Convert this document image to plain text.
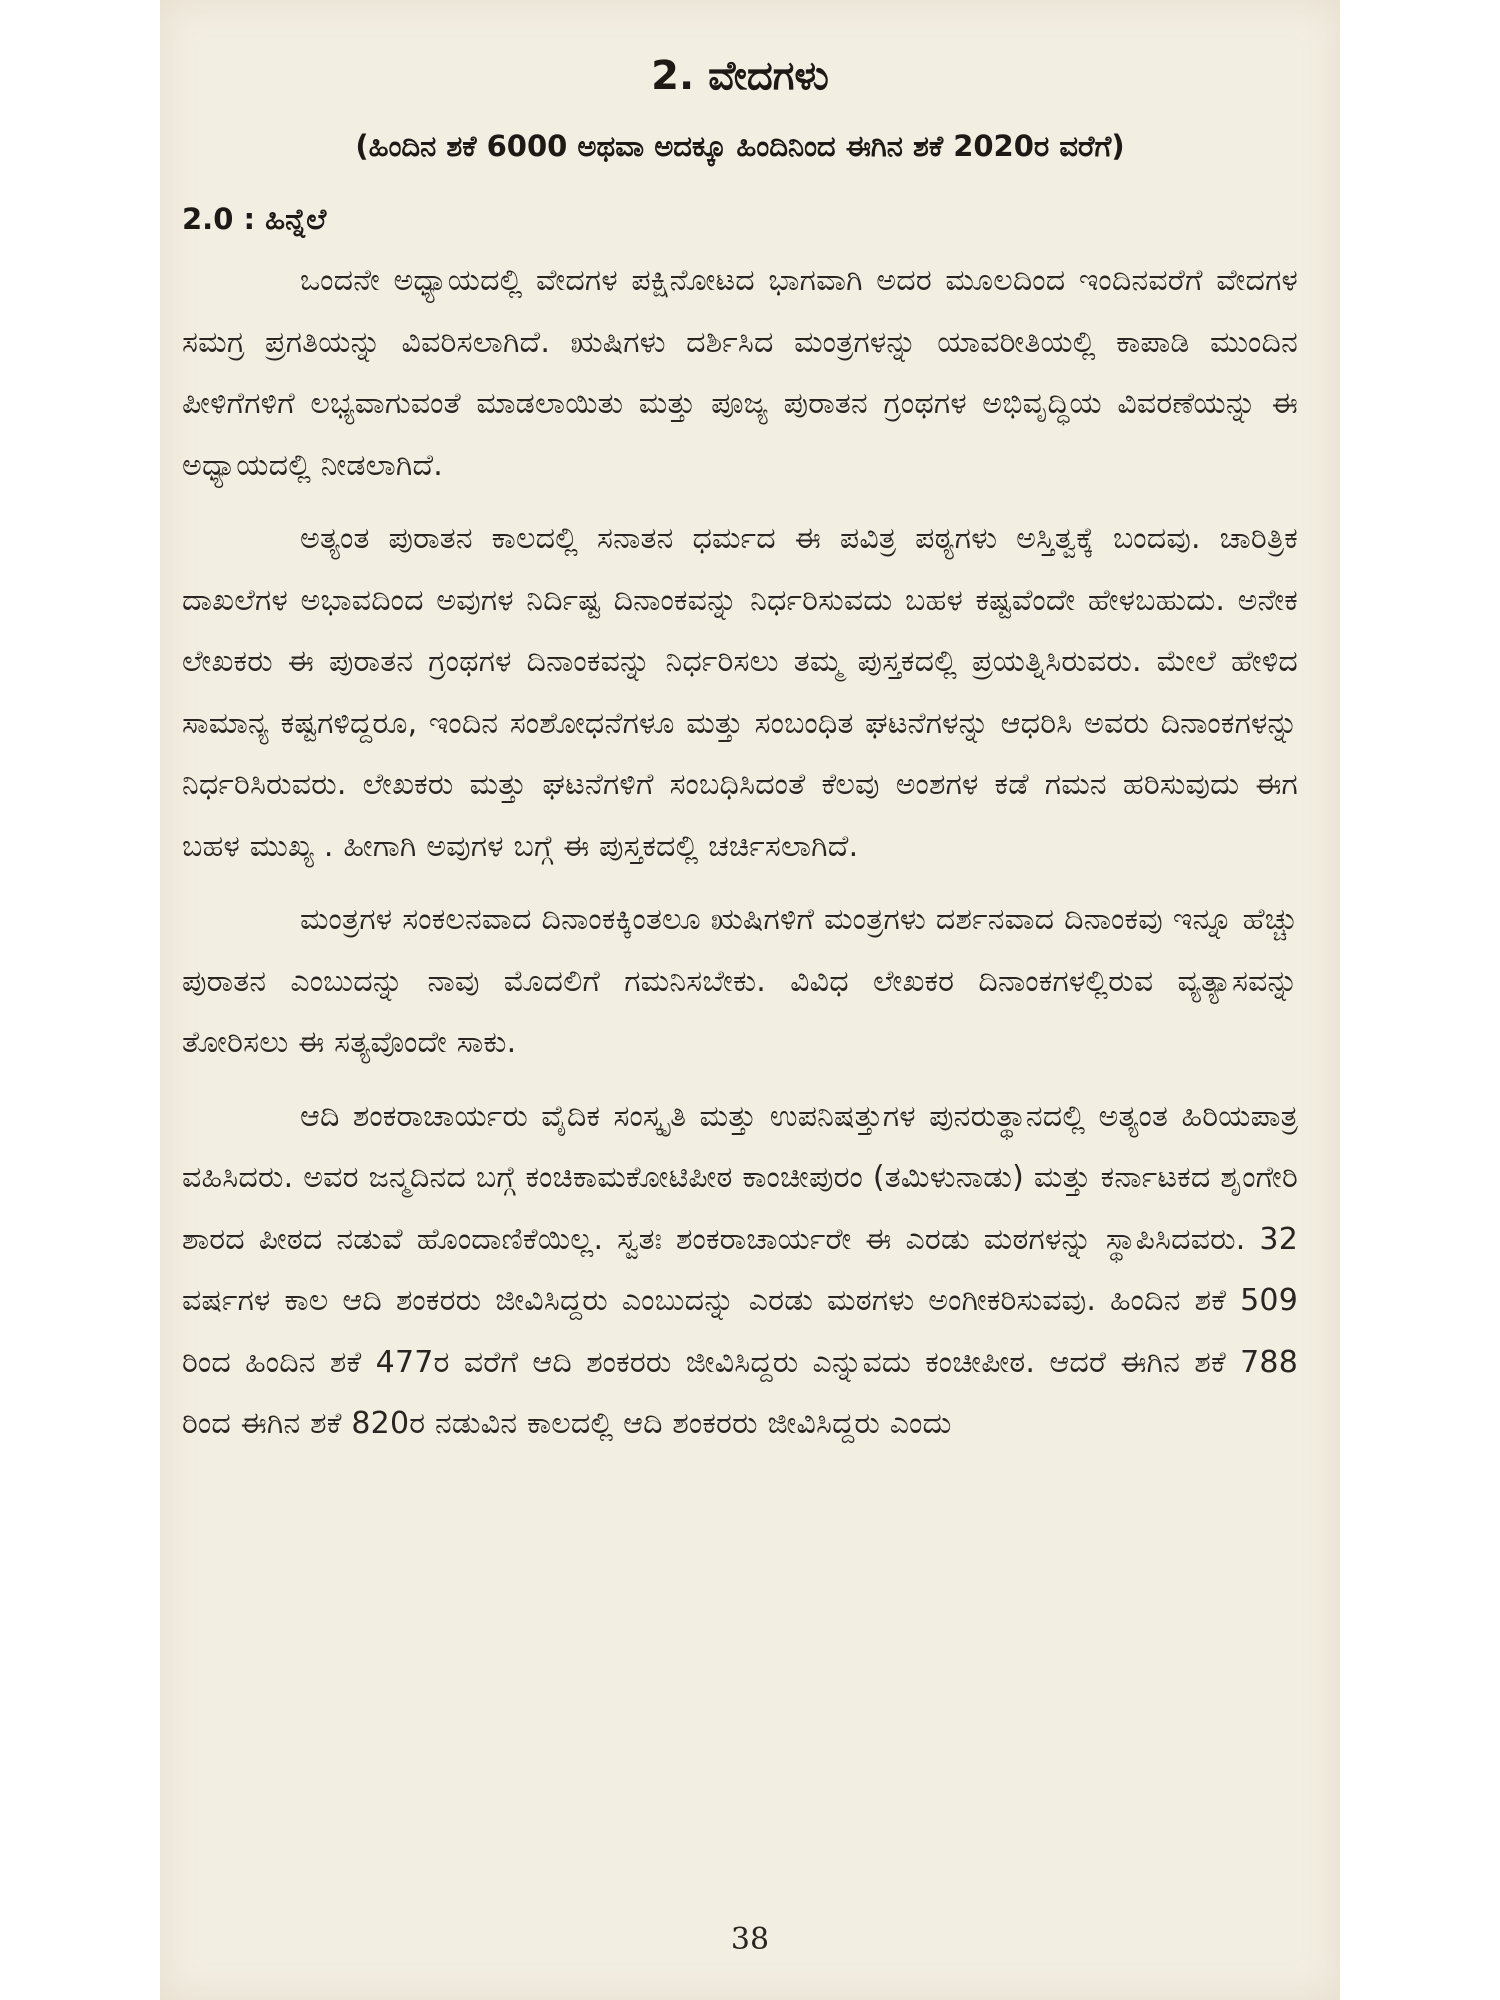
2. ವೇದಗಳು
(ಹಿಂದಿನ ಶಕೆ 6000 ಅಥವಾ ಅದಕ್ಕೂ ಹಿಂದಿನಿಂದ ಈಗಿನ ಶಕೆ 2020ರ ವರೆಗೆ)
2.0 : ಹಿನ್ನೆಲೆ

ಒಂದನೇ ಅಧ್ಯಾಯದಲ್ಲಿ ವೇದಗಳ ಪಕ್ಷಿನೋಟದ ಭಾಗವಾಗಿ ಅದರ ಮೂಲದಿಂದ ಇಂದಿನವರೆಗೆ ವೇದಗಳ ಸಮಗ್ರ ಪ್ರಗತಿಯನ್ನು ವಿವರಿಸಲಾಗಿದೆ. ಋಷಿಗಳು ದರ್ಶಿಸಿದ ಮಂತ್ರಗಳನ್ನು ಯಾವರೀತಿಯಲ್ಲಿ ಕಾಪಾಡಿ ಮುಂದಿನ ಪೀಳಿಗೆಗಳಿಗೆ ಲಭ್ಯವಾಗುವಂತೆ ಮಾಡಲಾಯಿತು ಮತ್ತು ಪೂಜ್ಯ ಪುರಾತನ ಗ್ರಂಥಗಳ ಅಭಿವೃದ್ಧಿಯ ವಿವರಣೆಯನ್ನು ಈ ಅಧ್ಯಾಯದಲ್ಲಿ ನೀಡಲಾಗಿದೆ.

ಅತ್ಯಂತ ಪುರಾತನ ಕಾಲದಲ್ಲಿ ಸನಾತನ ಧರ್ಮದ ಈ ಪವಿತ್ರ ಪಠ್ಯಗಳು ಅಸ್ತಿತ್ವಕ್ಕೆ ಬಂದವು. ಚಾರಿತ್ರಿಕ ದಾಖಲೆಗಳ ಅಭಾವದಿಂದ ಅವುಗಳ ನಿರ್ದಿಷ್ಟ ದಿನಾಂಕವನ್ನು ನಿರ್ಧರಿಸುವದು ಬಹಳ ಕಷ್ಟವೆಂದೇ ಹೇಳಬಹುದು. ಅನೇಕ ಲೇಖಕರು ಈ ಪುರಾತನ ಗ್ರಂಥಗಳ ದಿನಾಂಕವನ್ನು ನಿರ್ಧರಿಸಲು ತಮ್ಮ ಪುಸ್ತಕದಲ್ಲಿ ಪ್ರಯತ್ನಿಸಿರುವರು. ಮೇಲೆ ಹೇಳಿದ ಸಾಮಾನ್ಯ ಕಷ್ಟಗಳಿದ್ದರೂ, ಇಂದಿನ ಸಂಶೋಧನೆಗಳೂ ಮತ್ತು ಸಂಬಂಧಿತ ಘಟನೆಗಳನ್ನು ಆಧರಿಸಿ ಅವರು ದಿನಾಂಕಗಳನ್ನು ನಿರ್ಧರಿಸಿರುವರು. ಲೇಖಕರು ಮತ್ತು ಘಟನೆಗಳಿಗೆ ಸಂಬಧಿಸಿದಂತೆ ಕೆಲವು ಅಂಶಗಳ ಕಡೆ ಗಮನ ಹರಿಸುವುದು ಈಗ ಬಹಳ ಮುಖ್ಯ . ಹೀಗಾಗಿ ಅವುಗಳ ಬಗ್ಗೆ ಈ ಪುಸ್ತಕದಲ್ಲಿ ಚರ್ಚಿಸಲಾಗಿದೆ.

ಮಂತ್ರಗಳ ಸಂಕಲನವಾದ ದಿನಾಂಕಕ್ಕಿಂತಲೂ ಋಷಿಗಳಿಗೆ ಮಂತ್ರಗಳು ದರ್ಶನವಾದ ದಿನಾಂಕವು ಇನ್ನೂ ಹೆಚ್ಚು ಪುರಾತನ ಎಂಬುದನ್ನು ನಾವು ಮೊದಲಿಗೆ ಗಮನಿಸಬೇಕು. ವಿವಿಧ ಲೇಖಕರ ದಿನಾಂಕಗಳಲ್ಲಿರುವ ವ್ಯತ್ಯಾಸವನ್ನು ತೋರಿಸಲು ಈ ಸತ್ಯವೊಂದೇ ಸಾಕು.

ಆದಿ ಶಂಕರಾಚಾರ್ಯರು ವೈದಿಕ ಸಂಸ್ಕೃತಿ ಮತ್ತು ಉಪನಿಷತ್ತುಗಳ ಪುನರುತ್ಥಾನದಲ್ಲಿ ಅತ್ಯಂತ ಹಿರಿಯಪಾತ್ರ ವಹಿಸಿದರು. ಅವರ ಜನ್ಮದಿನದ ಬಗ್ಗೆ ಕಂಚಿಕಾಮಕೋಟಿಪೀಠ ಕಾಂಚೀಪುರಂ (ತಮಿಳುನಾಡು) ಮತ್ತು ಕರ್ನಾಟಕದ ಶೃಂಗೇರಿ ಶಾರದ ಪೀಠದ ನಡುವೆ ಹೊಂದಾಣಿಕೆಯಿಲ್ಲ. ಸ್ವತಃ ಶಂಕರಾಚಾರ್ಯರೇ ಈ ಎರಡು ಮಠಗಳನ್ನು ಸ್ಥಾಪಿಸಿದವರು. 32 ವರ್ಷಗಳ ಕಾಲ ಆದಿ ಶಂಕರರು ಜೀವಿಸಿದ್ದರು ಎಂಬುದನ್ನು ಎರಡು ಮಠಗಳು ಅಂಗೀಕರಿಸುವವು. ಹಿಂದಿನ ಶಕೆ 509 ರಿಂದ ಹಿಂದಿನ ಶಕೆ 477ರ ವರೆಗೆ ಆದಿ ಶಂಕರರು ಜೀವಿಸಿದ್ದರು ಎನ್ನುವದು ಕಂಚೀಪೀಠ. ಆದರೆ ಈಗಿನ ಶಕೆ 788 ರಿಂದ ಈಗಿನ ಶಕೆ 820ರ ನಡುವಿನ ಕಾಲದಲ್ಲಿ ಆದಿ ಶಂಕರರು ಜೀವಿಸಿದ್ದರು ಎಂದು

38
